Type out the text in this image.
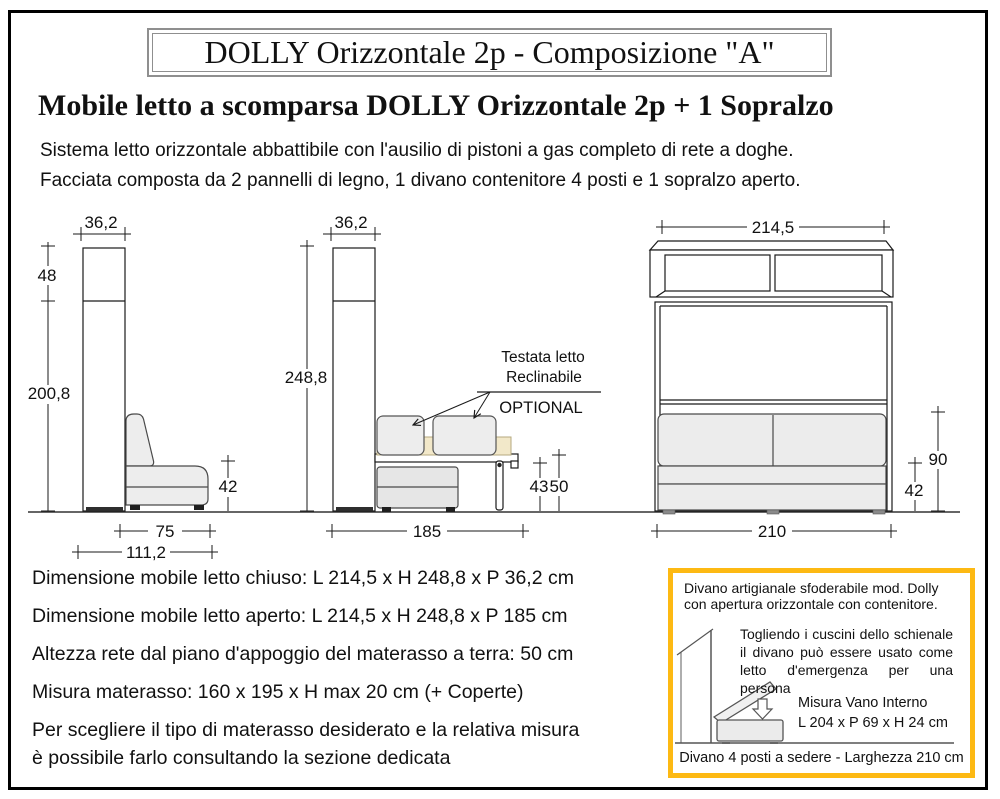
DOLLY Orizzontale 2p - Composizione "A"
Mobile letto a scomparsa DOLLY Orizzontale 2p + 1 Sopralzo
Sistema letto orizzontale abbattibile con l'ausilio di pistoni a gas completo di rete a doghe.
Facciata composta da 2 pannelli di legno, 1 divano contenitore 4 posti e 1 sopralzo aperto.
36,2
48
200,8
42
75
111,2
36,2
248,8
43 50
185
Testata letto
Reclinabile
OPTIONAL
214,5
90
42
210
Dimensione mobile letto chiuso: L 214,5 x H 248,8 x P 36,2 cm
Dimensione mobile letto aperto: L 214,5 x H 248,8 x P 185 cm
Altezza rete dal piano d'appoggio del materasso a terra: 50 cm
Misura materasso: 160 x 195 x H max 20 cm (+ Coperte)
Per scegliere il tipo di materasso desiderato e la relativa misura
è possibile farlo consultando la sezione dedicata
Divano artigianale sfoderabile mod. Dolly
con apertura orizzontale con contenitore.
Togliendo i cuscini dello schienale il divano può essere usato come letto d'emergenza per una persona
Misura Vano Interno
L 204 x P 69 x H 24 cm
Divano 4 posti a sedere - Larghezza 210 cm
